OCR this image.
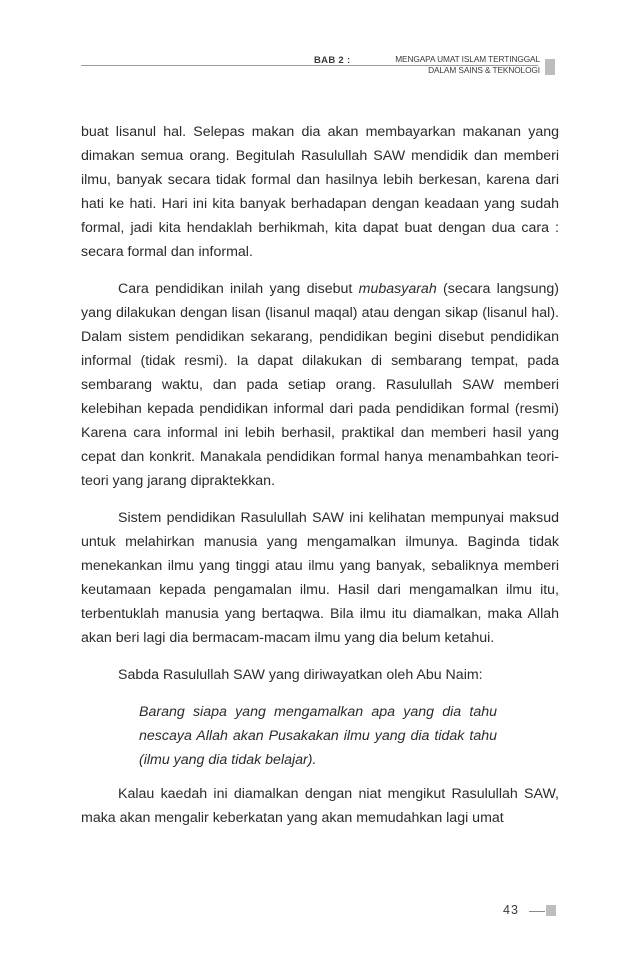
BAB 2 :	MENGAPA UMAT ISLAM TERTINGGAL
DALAM SAINS & TEKNOLOGI

buat lisanul hal. Selepas makan dia akan membayarkan makanan yang dimakan semua orang. Begitulah Rasulullah SAW mendidik dan memberi ilmu, banyak secara tidak formal dan hasilnya lebih berkesan, karena dari hati ke hati. Hari ini kita banyak berhadapan dengan keadaan yang sudah formal, jadi kita hendaklah berhikmah, kita dapat buat dengan dua cara : secara formal dan informal.

Cara pendidikan inilah yang disebut mubasyarah (secara langsung) yang dilakukan dengan lisan (lisanul maqal) atau dengan sikap (lisanul hal). Dalam sistem pendidikan sekarang, pendidikan begini disebut pendidikan informal (tidak resmi). Ia dapat dilakukan di sembarang tempat, pada sembarang waktu, dan pada setiap orang. Rasulullah SAW memberi kelebihan kepada pendidikan informal dari pada pendidikan formal (resmi) Karena cara informal ini lebih berhasil, praktikal dan memberi hasil yang cepat dan konkrit. Manakala pendidikan formal hanya menambahkan teori-teori yang jarang dipraktekkan.

Sistem pendidikan Rasulullah SAW ini kelihatan mempunyai maksud untuk melahirkan manusia yang mengamalkan ilmunya. Baginda tidak menekankan ilmu yang tinggi atau ilmu yang banyak, sebaliknya memberi keutamaan kepada pengamalan ilmu. Hasil dari mengamalkan ilmu itu, terbentuklah manusia yang bertaqwa. Bila ilmu itu diamalkan, maka Allah akan beri lagi dia bermacam-macam ilmu yang dia belum ketahui.

Sabda Rasulullah SAW yang diriwayatkan oleh Abu Naim:

Barang siapa yang mengamalkan apa yang dia tahu nescaya Allah akan Pusakakan ilmu yang dia tidak tahu (ilmu yang dia tidak belajar).

Kalau kaedah ini diamalkan dengan niat mengikut Rasulullah SAW, maka akan mengalir keberkatan yang akan memudahkan lagi umat

43
